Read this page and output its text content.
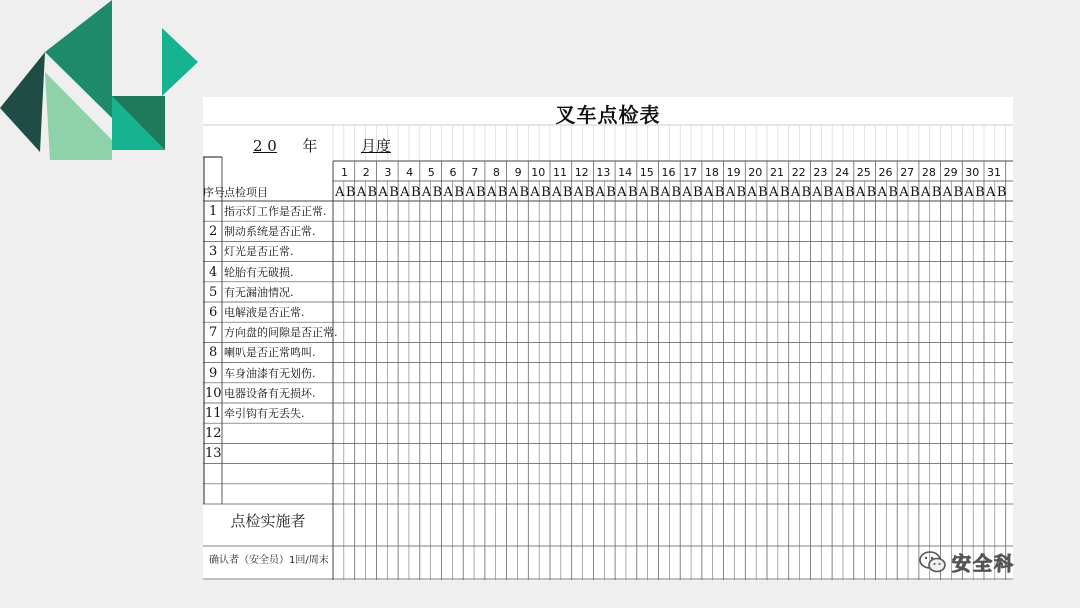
叉车点检表
2 0 年	月度
序号 点检项目
1
A B
2
A B
3
A B
4
A B
5
A B
6
A B
7
A B
8
A B
9
A B
10
A B
11
A B
12
A B
13
A B
14
A B
15
A B
16
A B
17
A B
18
A B
19
A B
20
A B
21
A B
22
A B
23
A B
24
A B
25
A B
26
A B
27
A B
28
A B
29
A B
30
A B
31
A B
1 指示灯工作是否正常.
2 制动系统是否正常.
3 灯光是否正常.
4 轮胎有无破损.
5 有无漏油情况.
6 电解液是否正常.
7 方向盘的间隙是否正常.
8 喇叭是否正常鸣叫.
9 车身油漆有无划伤.
10 电器设备有无损坏.
11 牵引钩有无丢失.
12
13
点检实施者
确认者（安全员）1回/周末	安全科
